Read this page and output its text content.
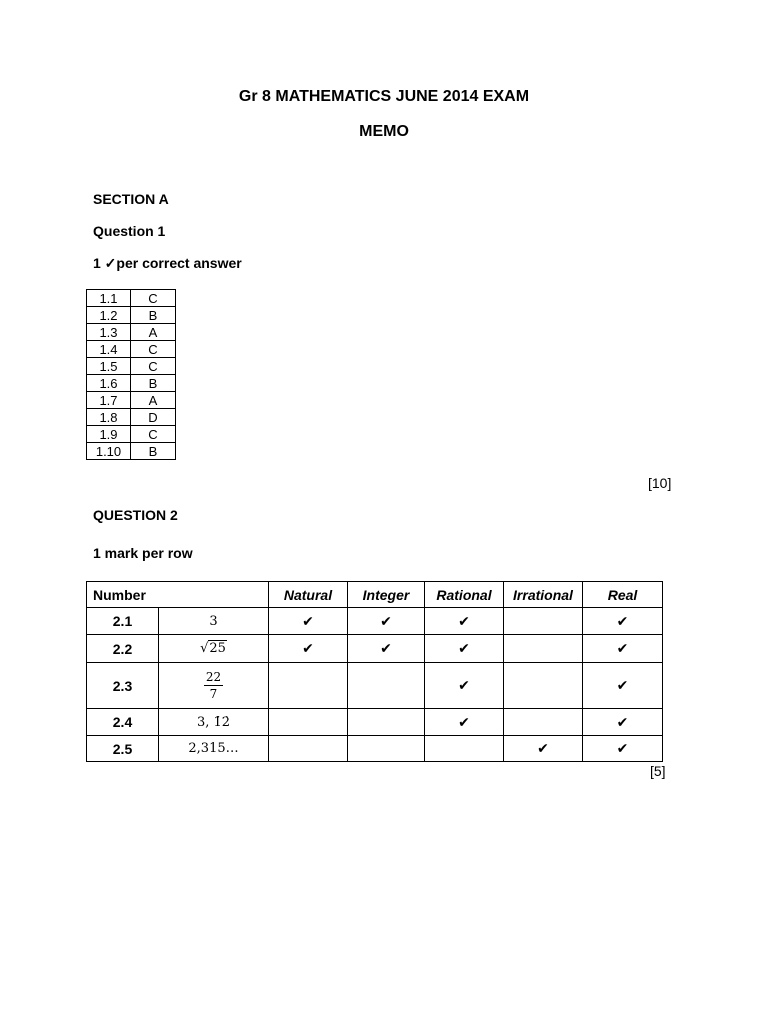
Gr 8 MATHEMATICS JUNE 2014 EXAM
MEMO
SECTION A
Question 1
1 ✓per correct answer
1.1	C
1.2	B
1.3	A
1.4	C
1.5	C
1.6	B
1.7	A
1.8	D
1.9	C
1.10	B
[10]
QUESTION 2
1 mark per row
Number		Natural	Integer	Rational	Irrational	Real
2.1	3	✔	✔	✔		✔
2.2	√25	✔	✔	✔		✔
2.3	$\frac{22}{7}$			✔		✔
2.4	3, 1̇2̇			✔		✔
2.5	2,315…				✔	✔
[5]
